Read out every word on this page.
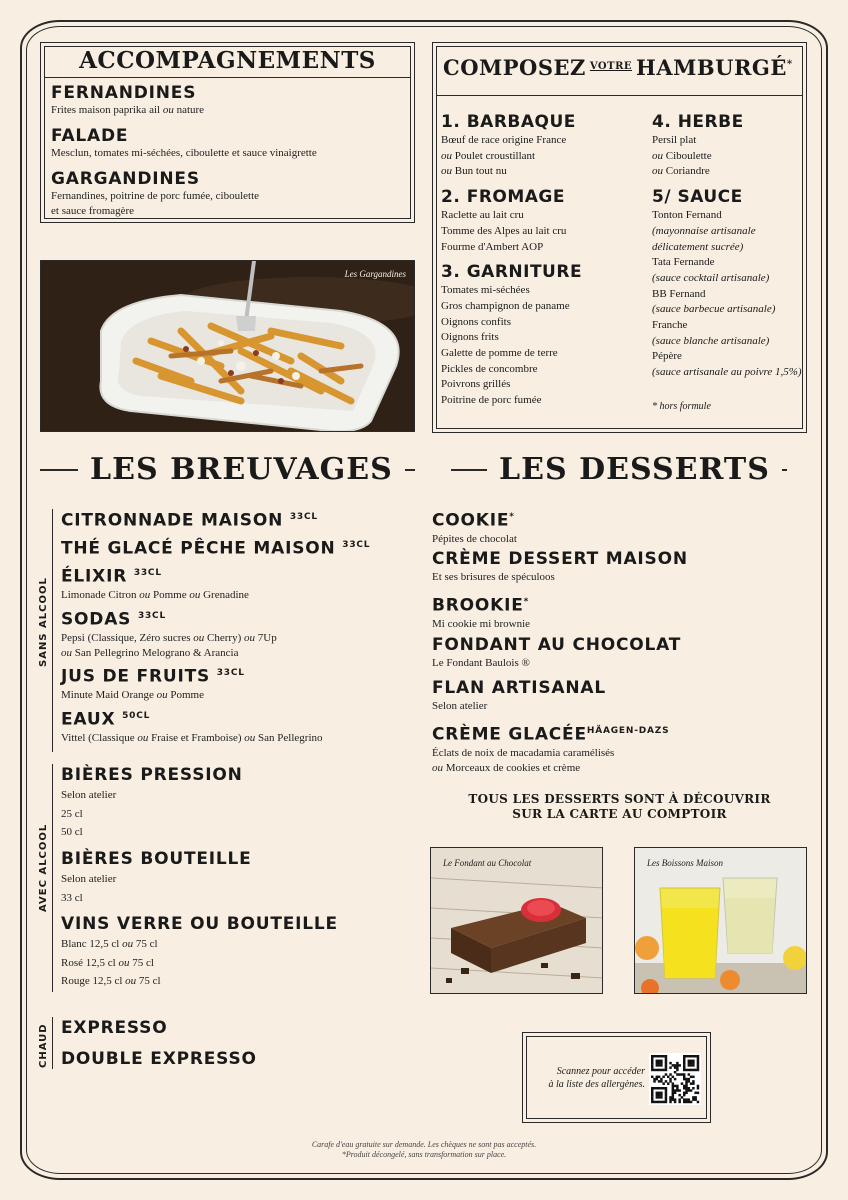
ACCOMPAGNEMENTS
FERNANDINES
Frites maison paprika ail ou nature
FALADE
Mesclun, tomates mi-séchées, ciboulette et sauce vinaigrette
GARGANDINES
Fernandines, poitrine de porc fumée, ciboulette
et sauce fromagère
Les Gargandines
COMPOSEZ $^{VOTRE}$ HAMBURGÉ*
1. BARBAQUE
Bœuf de race origine France
ou Poulet croustillant
ou Bun tout nu
2. FROMAGE
Raclette au lait cru
Tomme des Alpes au lait cru
Fourme d'Ambert AOP
3. GARNITURE
Tomates mi-séchées
Gros champignon de paname
Oignons confits
Oignons frits
Galette de pomme de terre
Pickles de concombre
Poivrons grillés
Poitrine de porc fumée
4. HERBE
Persil plat
ou Ciboulette
ou Coriandre
5/ SAUCE
Tonton Fernand
(mayonnaise artisanale
délicatement sucrée)
Tata Fernande
(sauce cocktail artisanale)
BB Fernand
(sauce barbecue artisanale)
Franche
(sauce blanche artisanale)
Pépère
(sauce artisanale au poivre 1,5%)
* hors formule
LES BREUVAGES	LES DESSERTS
SANS ALCOOL
CITRONNADE MAISON $^{33CL}$
THÉ GLACÉ PÊCHE MAISON $^{33CL}$
ÉLIXIR $^{33CL}$
Limonade Citron ou Pomme ou Grenadine
SODAS $^{33CL}$
Pepsi (Classique, Zéro sucres ou Cherry) ou 7Up
ou San Pellegrino Melograno & Arancia
JUS DE FRUITS $^{33CL}$
Minute Maid Orange ou Pomme
EAUX $^{50CL}$
Vittel (Classique ou Fraise et Framboise) ou San Pellegrino
AVEC ALCOOL
BIÈRES PRESSION
Selon atelier
25 cl
50 cl
BIÈRES BOUTEILLE
Selon atelier
33 cl
VINS VERRE OU BOUTEILLE
Blanc 12,5 cl ou 75 cl
Rosé 12,5 cl ou 75 cl
Rouge 12,5 cl ou 75 cl
CHAUD EXPRESSO
DOUBLE EXPRESSO
COOKIE*
Pépites de chocolat
CRÈME DESSERT MAISON
Et ses brisures de spéculoos
BROOKIE*
Mi cookie mi brownie
FONDANT AU CHOCOLAT
Le Fondant Baulois ®
FLAN ARTISANAL
Selon atelier
CRÈME $GLACÉE^{HÄAGEN-DAZS}$
Éclats de noix de macadamia caramélisés
ou Morceaux de cookies et crème
TOUS LES DESSERTS SONT À DÉCOUVRIR
SUR LA CARTE AU COMPTOIR
Le Fondant au Chocolat	Les Boissons Maison
Scannez pour accéder
à la liste des allergènes.
Carafe d'eau gratuite sur demande. Les chèques ne sont pas acceptés.
*Produit décongelé, sans transformation sur place.
